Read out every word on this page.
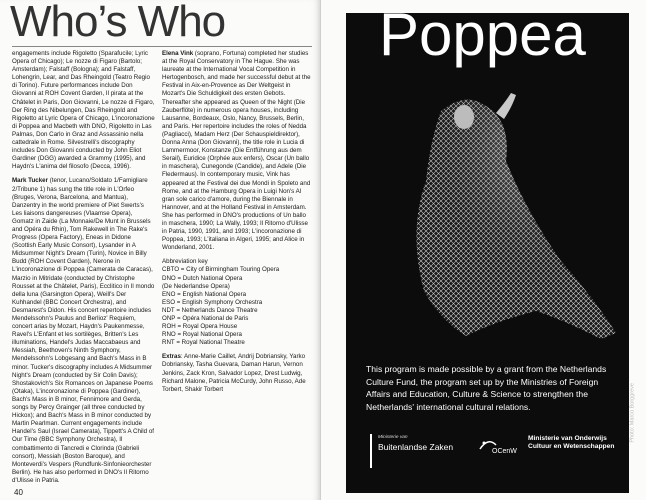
Who’s Who

engagements include Rigoletto (Sparafucile; Lyric Opera of Chicago); Le nozze di Figaro (Bartolo; Amsterdam); Falstaff (Bologna); and Falstaff, Lohengrin, Lear, and Das Rheingold (Teatro Regio di Torino). Future performances include Don Giovanni at ROH Covent Garden, Il pirata at the Châtelet in Paris, Don Giovanni, Le nozze di Figaro, Der Ring des Nibelungen, Das Rheingold and Rigoletto at Lyric Opera of Chicago, L'incoronazione di Poppea and Macbeth with DNO, Rigoletto in Las Palmas, Don Carlo in Graz and Assassinio nella cattedrale in Rome. Silvestrelli's discography includes Don Giovanni conducted by John Eliot Gardiner (DGG) awarded a Grammy (1995), and Haydn's L'anima del filosofo (Decca, 1996).

Mark Tucker (tenor, Lucano/Soldato 1/Famigliare 2/Tribune 1) has sung the title role in L'Orfeo (Bruges, Verona, Barcelona, and Mantua), Danzentry in the world premiere of Piet Swerts's Les liaisons dangereuses (Vlaamse Opera), Gomatz in Zaide (La Monnaie/De Munt in Brussels and Opéra du Rhin), Tom Rakewell in The Rake's Progress (Opera Factory), Eneas in Didone (Scottish Early Music Consort), Lysander in A Midsummer Night's Dream (Turin), Novice in Billy Budd (ROH Covent Garden), Nerone in L'incoronazione di Poppea (Camerata de Caracas), Marzio in Mitridate (conducted by Christophe Rousset at the Châtelet, Paris), Ecclitico in Il mondo della luna (Garsington Opera), Weill's Der Kuhhandel (BBC Concert Orchestra), and Desmarest's Didon. His concert repertoire includes Mendelssohn's Paulus and Berlioz' Requiem, concert arias by Mozart, Haydn's Paukenmesse, Ravel's L'Enfant et les sortilèges, Britten's Les illuminations, Handel's Judas Maccabaeus and Messiah, Beethoven's Ninth Symphony, Mendelssohn's Lobgesang and Bach's Mass in B minor. Tucker's discography includes A Midsummer Night's Dream (conducted by Sir Colin Davis); Shostakovich's Six Romances on Japanese Poems (Otaka), L'incoronazione di Poppea (Gardiner), Bach's Mass in B minor, Fennimore and Gerda, songs by Percy Grainger (all three conducted by Hickox); and Bach's Mass in B minor conducted by Martin Pearlman. Current engagements include Handel's Saul (Israel Camerata), Tippett's A Child of Our Time (BBC Symphony Orchestra), Il combattimento di Tancredi e Clorinda (Gabrieli consort), Messiah (Boston Baroque), and Monteverdi's Vespers (Rundfunk-Sinfonieorchester Berlin). He has also performed in DNO's Il Ritorno d'Ulisse in Patria.

Elena Vink (soprano, Fortuna) completed her studies at the Royal Conservatory in The Hague. She was laureate at the International Vocal Competition in Hertogenbosch, and made her successful debut at the Festival in Aix-en-Provence as Der Weltgeist in Mozart's Die Schuldigkeit des ersten Gebots. Thereafter she appeared as Queen of the Night (Die Zauberflöte) in numerous opera houses, including Lausanne, Bordeaux, Oslo, Nancy, Brussels, Berlin, and Paris. Her repertoire includes the roles of Nedda (Pagliacci), Madam Herz (Der Schauspieldirektor), Donna Anna (Don Giovanni), the title role in Lucia di Lammermoor, Konstanze (Die Entführung aus dem Serail), Euridice (Orphée aux enfers), Oscar (Un ballo in maschera), Cunegonde (Candide), and Adele (Die Fledermaus). In contemporary music, Vink has appeared at the Festival dei due Mondi in Spoleto and Rome, and at the Hamburg Opera in Luigi Non's Al gran sole carico d'amore, during the Biennale in Hannover, and at the Holland Festival in Amsterdam. She has performed in DNO's productions of Un ballo in maschera, 1990; La Wally, 1993; Il Ritorno d'Ulisse in Patria, 1990, 1991, and 1993; L'incoronazione di Poppea, 1993; L'italiana in Algeri, 1995; and Alice in Wonderland, 2001.

Abbreviation key
CBTO = City of Birmingham Touring Opera
DNO = Dutch National Opera
(De Nederlandse Opera)
ENO = English National Opera
ESO = English Symphony Orchestra
NDT = Netherlands Dance Theatre
ONP = Opéra National de Paris
ROH = Royal Opera House
RNO = Royal National Opera
RNT = Royal National Theatre

Extras: Anne-Marie Caillet, Andrij Dobriansky, Yarko Dobriansky, Tasha Guevara, Daman Harun, Vernon Jenkins, Zack Kron, Salvador Lopez, Drest Ludwig, Richard Malone, Patricia McCurdy, John Russo, Ade Torbert, Shakir Torbert

40
Poppea
Photo: Marco Borggreve
This program is made possible by a grant from the Netherlands Culture Fund, the program set up by the Ministries of Foreign Affairs and Education, Culture & Science to strengthen the Netherlands' international cultural relations.
Ministerie van
Buitenlandse Zaken	OCenW
Ministerie van Onderwijs
Cultuur en Wetenschappen
